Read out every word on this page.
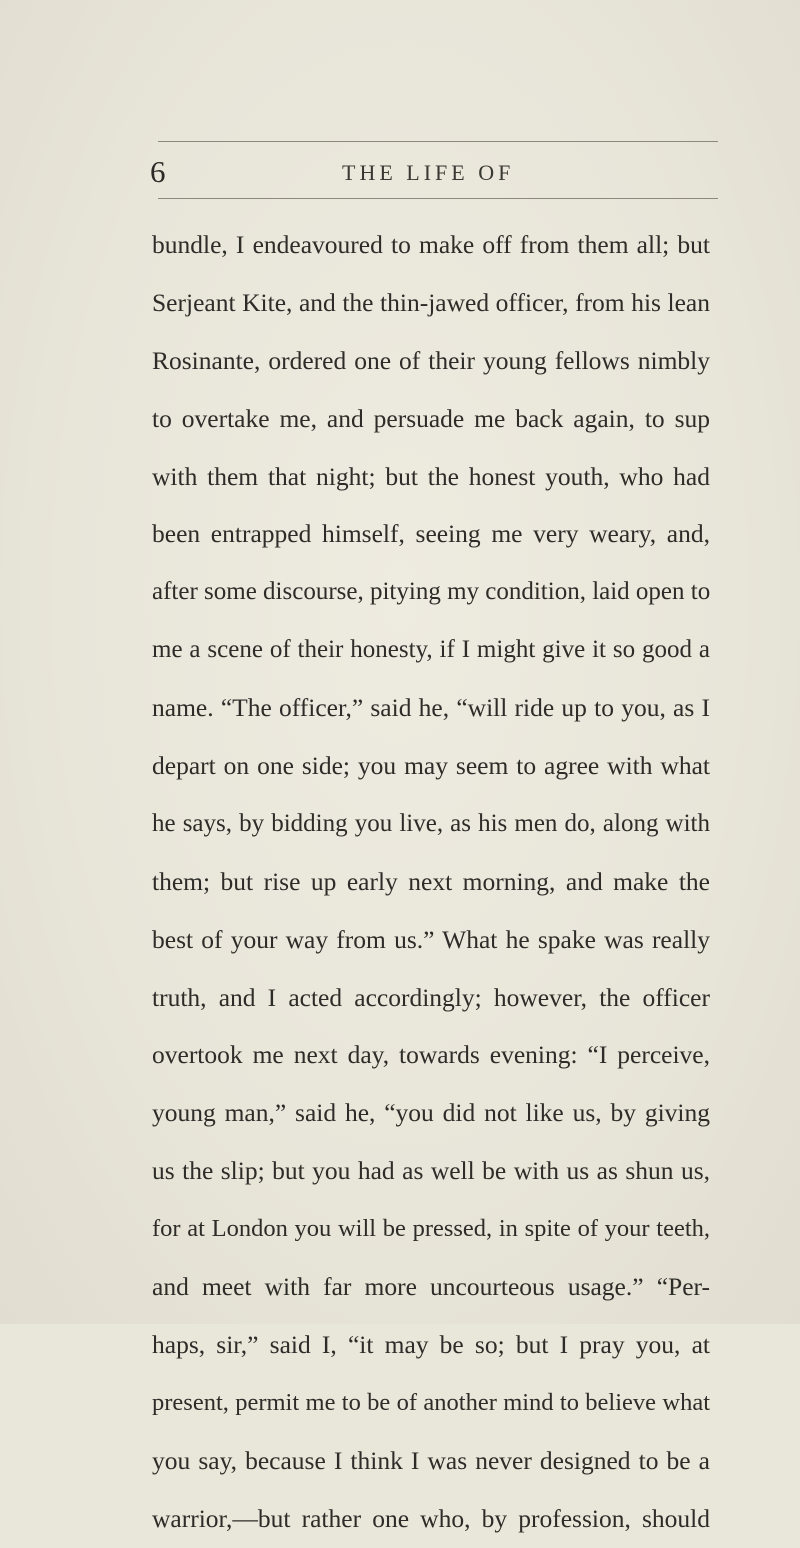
6	THE LIFE OF
bundle, I endeavoured to make off from them all; but
Serjeant Kite, and the thin-jawed officer, from his lean
Rosinante, ordered one of their young fellows nimbly
to overtake me, and persuade me back again, to sup
with them that night; but the honest youth, who had
been entrapped himself, seeing me very weary, and,
after some discourse, pitying my condition, laid open to
me a scene of their honesty, if I might give it so good a
name. “The officer,” said he, “will ride up to you, as I
depart on one side; you may seem to agree with what
he says, by bidding you live, as his men do, along with
them; but rise up early next morning, and make the
best of your way from us.” What he spake was really
truth, and I acted accordingly; however, the officer
overtook me next day, towards evening: “I perceive,
young man,” said he, “you did not like us, by giving
us the slip; but you had as well be with us as shun us,
for at London you will be pressed, in spite of your teeth,
and meet with far more uncourteous usage.” “Per-
haps, sir,” said I, “it may be so; but I pray you, at
present, permit me to be of another mind to believe what
you say, because I think I was never designed to be a
warrior,—but rather one who, by profession, should
